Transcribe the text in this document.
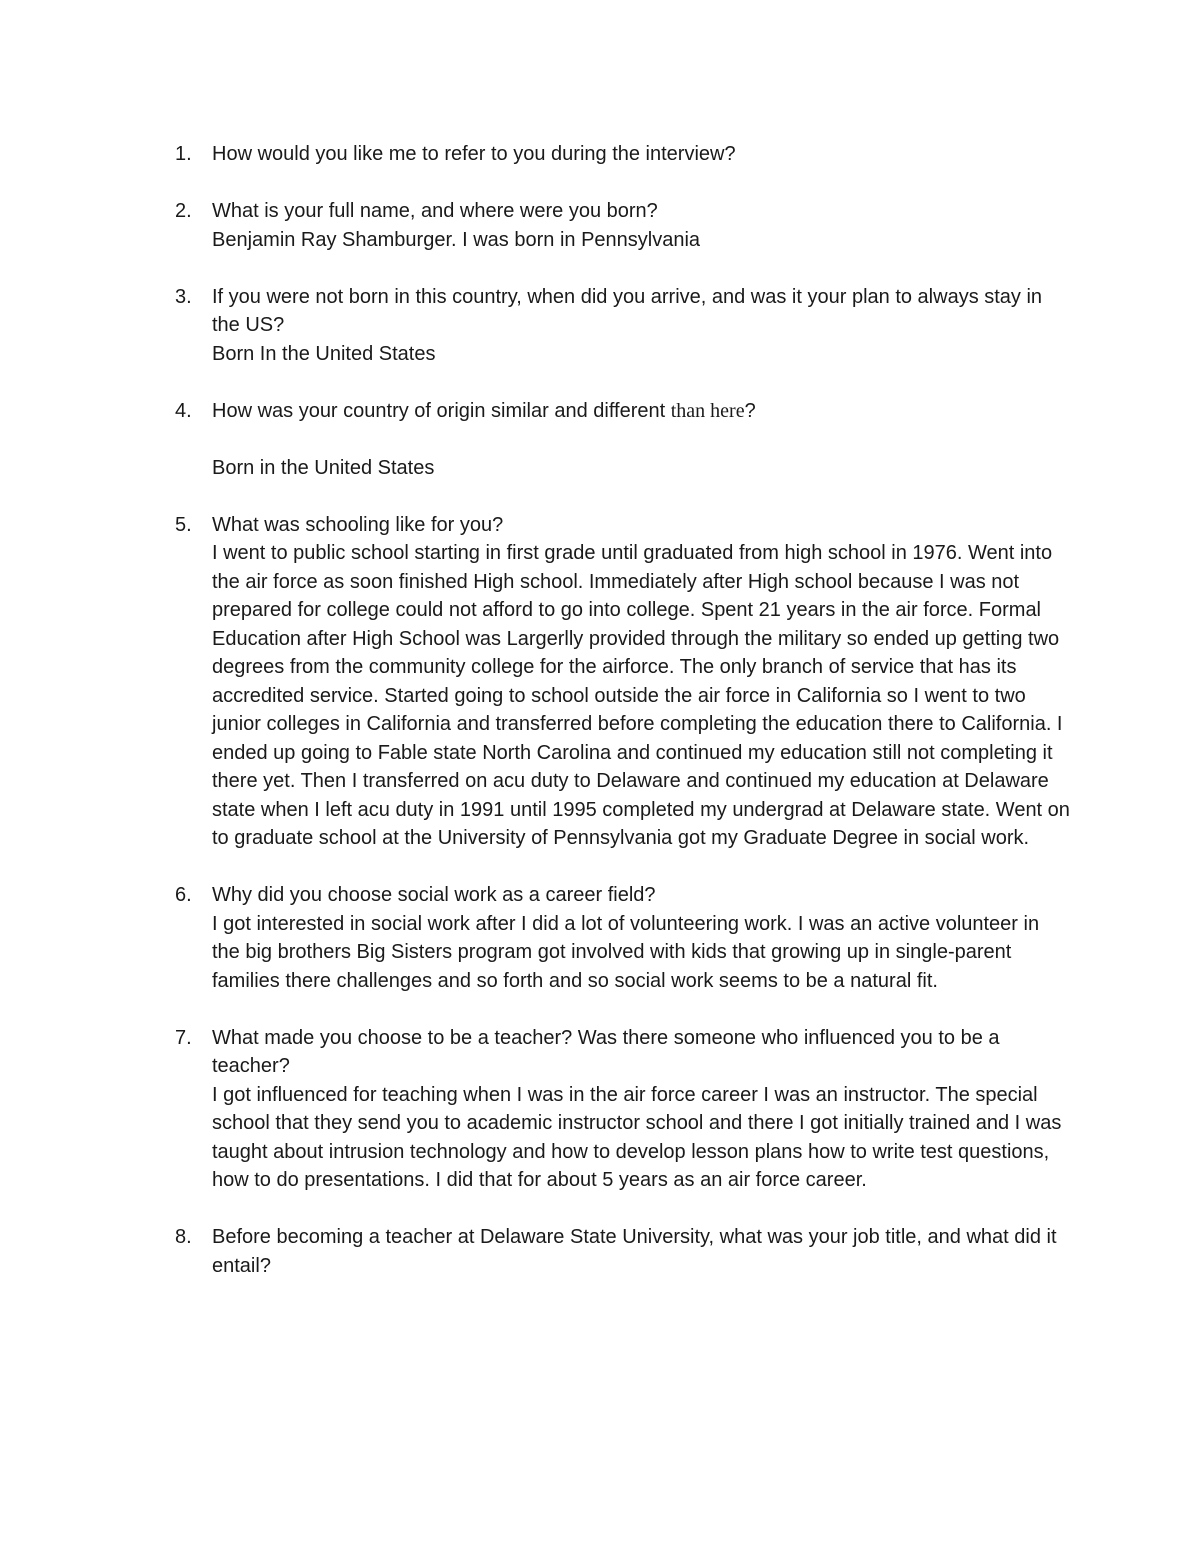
1.	How would you like me to refer to you during the interview?
2.	What is your full name, and where were you born?
Benjamin Ray Shamburger. I was born in Pennsylvania
3.	If you were not born in this country, when did you arrive, and was it your plan to always stay in the US?
Born In the United States
4.	How was your country of origin similar and different than here?
Born in the United States
5.	What was schooling like for you?
I went to public school starting in first grade until graduated from high school in 1976. Went into the air force as soon finished High school. Immediately after High school because I was not prepared for college could not afford to go into college. Spent 21 years in the air force. Formal Education after High School was Largerlly provided through the military so ended up getting two degrees from the community college for the airforce. The only branch of service that has its accredited service. Started going to school outside the air force in California so I went to two junior colleges in California and transferred before completing the education there to California. I ended up going to Fable state North Carolina and continued my education still not completing it there yet. Then I transferred on acu duty to Delaware and continued my education at Delaware state when I left acu duty in 1991 until 1995 completed my undergrad at Delaware state. Went on to graduate school at the University of Pennsylvania got my Graduate Degree in social work.
6.	Why did you choose social work as a career field?
I got interested in social work after I did a lot of volunteering work. I was an active volunteer in the big brothers Big Sisters program got involved with kids that growing up in single-parent families there challenges and so forth and so social work seems to be a natural fit.
7.	What made you choose to be a teacher? Was there someone who influenced you to be a teacher?
I got influenced for teaching when I was in the air force career I was an instructor. The special school that they send you to academic instructor school and there I got initially trained and I was taught about intrusion technology and how to develop lesson plans how to write test questions, how to do presentations. I did that for about 5 years as an air force career.
8.	Before becoming a teacher at Delaware State University, what was your job title, and what did it entail?
